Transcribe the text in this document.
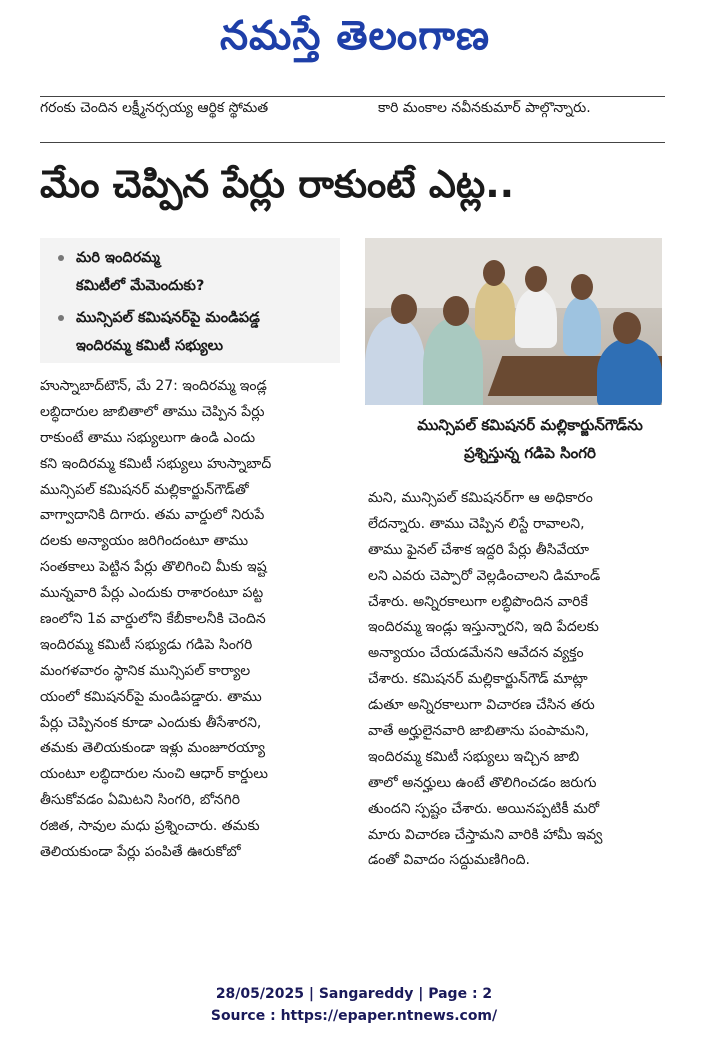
నమస్తే తెలంగాణ
గరంకు చెందిన లక్ష్మీనర్సయ్య ఆర్థిక స్థోమత	కారి మంకాల నవీనకుమార్ పాల్గొన్నారు.
మేం చెప్పిన పేర్లు రాకుంటే ఎట్ల..
మరి ఇందిరమ్మ
కమిటీలో మేమెందుకు?
మున్సిపల్ కమిషనర్‌పై మండిపడ్డ
ఇందిరమ్మ కమిటీ సభ్యులు
మున్సిపల్ కమిషనర్ మల్లికార్జున్‌గౌడ్‌ను
ప్రశ్నిస్తున్న గడిపె సింగరి
హుస్నాబాద్‌టౌన్, మే 27: ఇందిరమ్మ ఇండ్ల
లబ్ధిదారుల జాబితాలో తాము చెప్పిన పేర్లు
రాకుంటే తాము సభ్యులుగా ఉండి ఎందు
కని ఇందిరమ్మ కమిటీ సభ్యులు హుస్నాబాద్
మున్సిపల్ కమిషనర్ మల్లికార్జున్‌గౌడ్‌తో
వాగ్వాదానికి దిగారు. తమ వార్డులో నిరుపే
దలకు అన్యాయం జరిగిందంటూ తాము
సంతకాలు పెట్టిన పేర్లు తొలిగించి మీకు ఇష్ట
మున్నవారి పేర్లు ఎందుకు రాశారంటూ పట్ట
ణంలోని 1వ వార్డులోని కేబీకాలనీకి చెందిన
ఇందిరమ్మ కమిటీ సభ్యుడు గడిపె సింగరి
మంగళవారం స్థానిక మున్సిపల్ కార్యాల
యంలో కమిషనర్‌పై మండిపడ్డారు. తాము
పేర్లు చెప్పినంక కూడా ఎందుకు తీసేశారని,
తమకు తెలియకుండా ఇళ్లు మంజూరయ్యా
యంటూ లబ్ధిదారుల నుంచి ఆధార్ కార్డులు
తీసుకోవడం ఏమిటని సింగరి, బోనగిరి
రజిత, సావుల మధు ప్రశ్నించారు. తమకు
తెలియకుండా పేర్లు పంపితే ఊరుకోబో
మని, మున్సిపల్ కమిషనర్‌గా ఆ అధికారం
లేదన్నారు. తాము చెప్పిన లిస్టే రావాలని,
తాము ఫైనల్ చేశాక ఇద్దరి పేర్లు తీసివేయా
లని ఎవరు చెప్పారో వెల్లడించాలని డిమాండ్
చేశారు. అన్నిరకాలుగా లబ్ధిపొందిన వారికే
ఇందిరమ్మ ఇండ్లు ఇస్తున్నారని, ఇది పేదలకు
అన్యాయం చేయడమేనని ఆవేదన వ్యక్తం
చేశారు. కమిషనర్ మల్లికార్జున్‌గౌడ్ మాట్లా
డుతూ అన్నిరకాలుగా విచారణ చేసిన తరు
వాతే అర్హులైనవారి జాబితాను పంపామని,
ఇందిరమ్మ కమిటీ సభ్యులు ఇచ్చిన జాబి
తాలో అనర్హులు ఉంటే తొలిగించడం జరుగు
తుందని స్పష్టం చేశారు. అయినప్పటికీ మరో
మారు విచారణ చేస్తామని వారికి హామీ ఇవ్వ
డంతో వివాదం సద్దుమణిగింది.
28/05/2025 | Sangareddy | Page : 2
Source : https://epaper.ntnews.com/
